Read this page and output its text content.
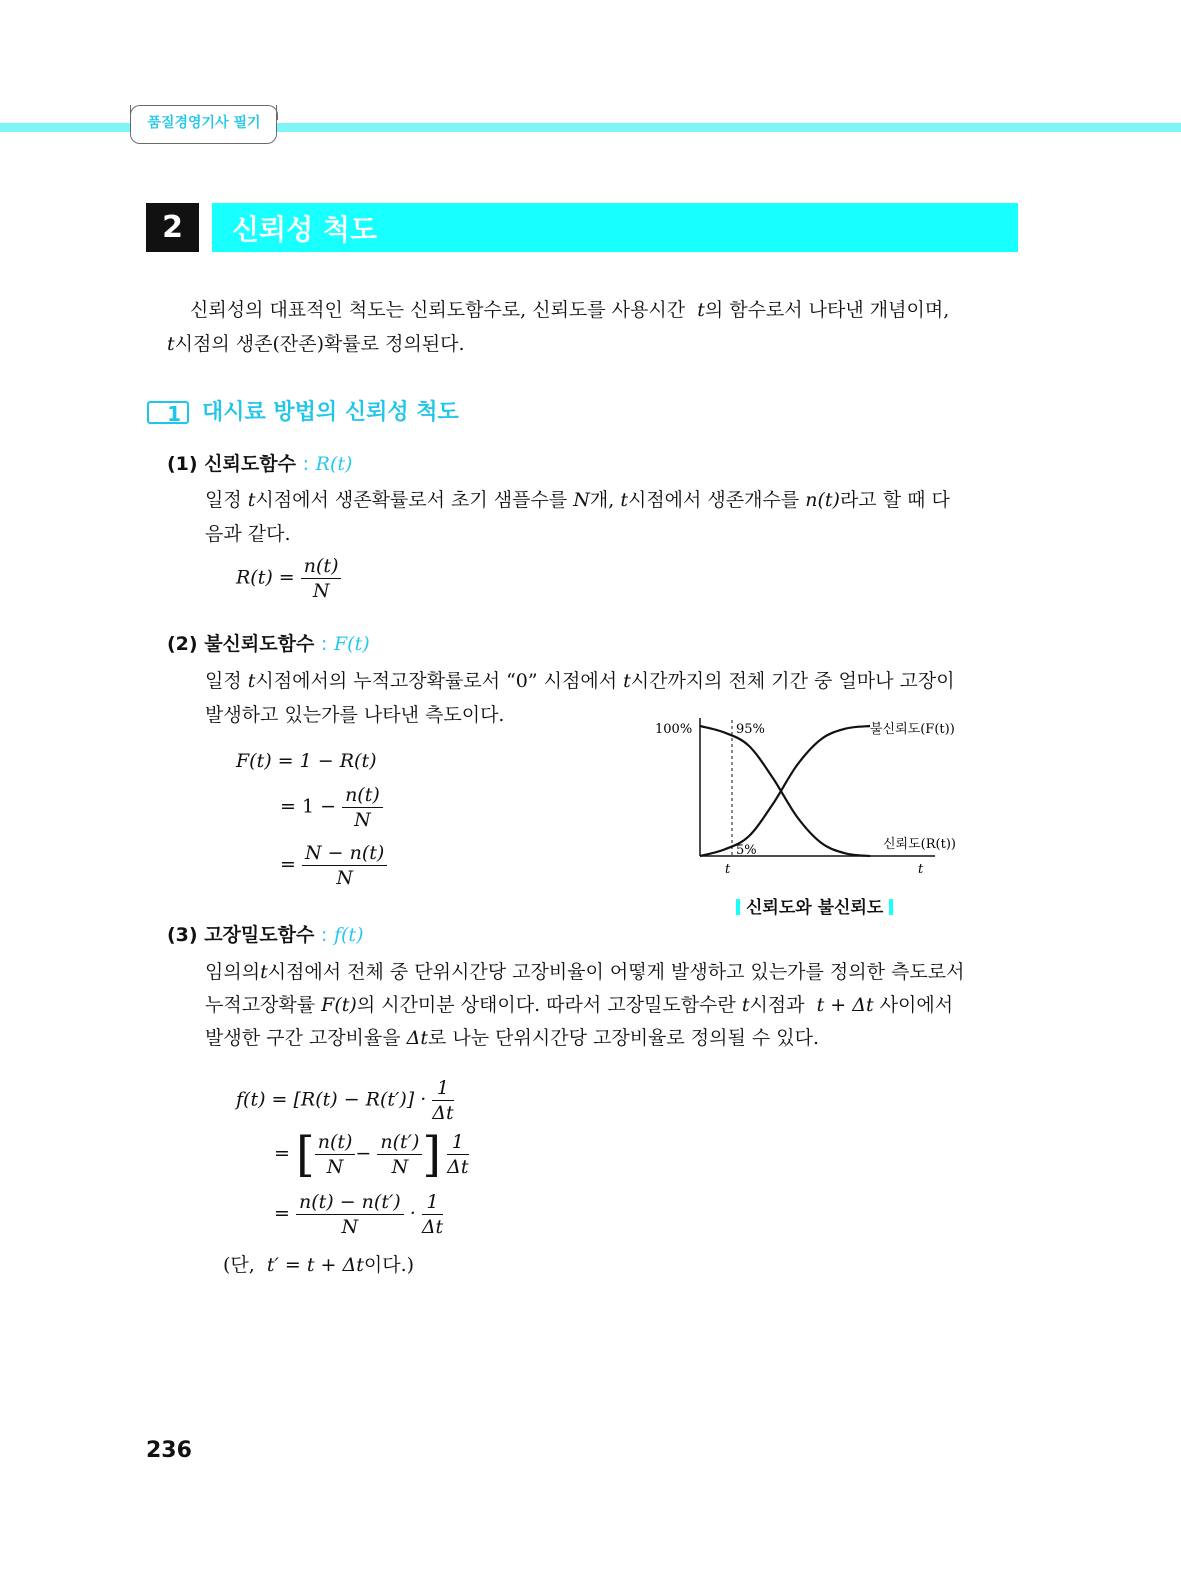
품질경영기사 필기
2	신뢰성 척도
신뢰성의 대표적인 척도는 신뢰도함수로, 신뢰도를 사용시간 t의 함수로서 나타낸 개념이며,
t시점의 생존(잔존)확률로 정의된다.
1 대시료 방법의 신뢰성 척도
(1) 신뢰도함수 : R(t)
일정 t시점에서 생존확률로서 초기 샘플수를 N개, t시점에서 생존개수를 n(t)라고 할 때 다
음과 같다.
$R(t) = \frac{n(t)}{N}$
(2) 불신뢰도함수 : F(t)
일정 t시점에서의 누적고장확률로서 “0” 시점에서 t시간까지의 전체 기간 중 얼마나 고장이
발생하고 있는가를 나타낸 측도이다.
F(t) = 1 − R(t)
= $1 - \frac{n(t)}{N}$
= $\frac{N - n(t)}{N}$
100%	95%
5%
t	t
불신뢰도(F(t))
신뢰도(R(t))
신뢰도와 불신뢰도
(3) 고장밀도함수 : f(t)
임의의t시점에서 전체 중 단위시간당 고장비율이 어떻게 발생하고 있는가를 정의한 측도로서
누적고장확률 F(t)의 시간미분 상태이다. 따라서 고장밀도함수란 t시점과 t + Δt 사이에서
발생한 구간 고장비율을 Δt로 나눈 단위시간당 고장비율로 정의될 수 있다.
$f(t) = [R(t) - R(t')] \cdot \frac{1}{\Delta t}$
= [ $\frac{n(t)}{N} - \frac{n(t')}{N}$ ] $\frac{1}{\Delta t}$
= $\frac{n(t) - n(t')}{N} \cdot \frac{1}{\Delta t}$
(단, t′ = t + Δt이다.)
236
